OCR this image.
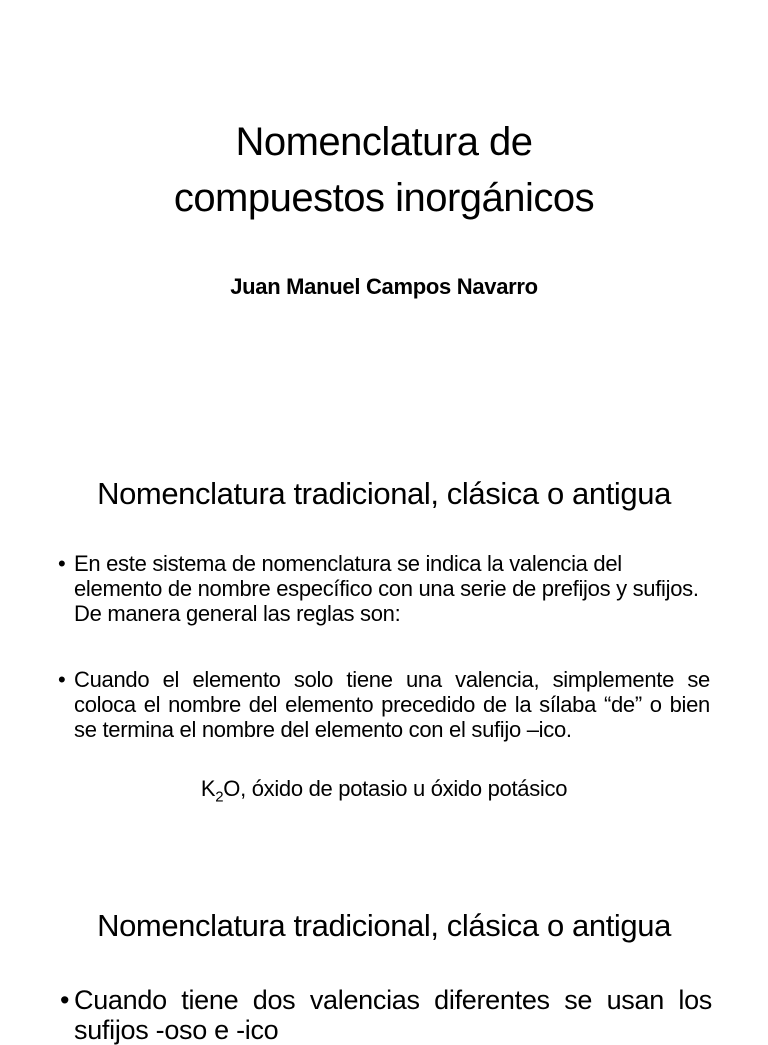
Nomenclatura de
compuestos inorgánicos
Juan Manuel Campos Navarro
Nomenclatura tradicional, clásica o antigua
• En este sistema de nomenclatura se indica la valencia del elemento de nombre específico con una serie de prefijos y sufijos. De manera general las reglas son:
• Cuando el elemento solo tiene una valencia, simplemente se coloca el nombre del elemento precedido de la sílaba “de” o bien se termina el nombre del elemento con el sufijo –ico.
$K_2O$, óxido de potasio u óxido potásico
Nomenclatura tradicional, clásica o antigua
• Cuando tiene dos valencias diferentes se usan los sufijos -oso e -ico
